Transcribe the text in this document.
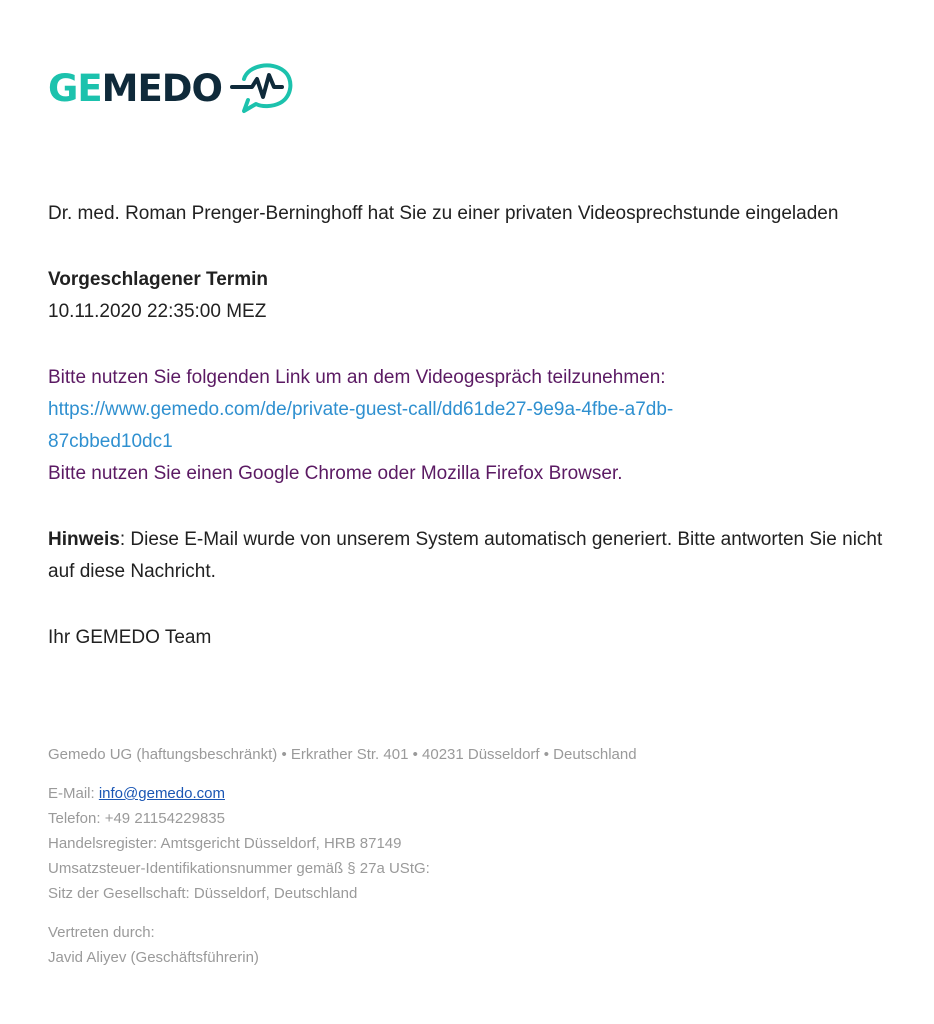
GEMEDO

Dr. med. Roman Prenger-Berninghoff hat Sie zu einer privaten Videosprechstunde eingeladen

Vorgeschlagener Termin

10.11.2020 22:35:00 MEZ

Bitte nutzen Sie folgenden Link um an dem Videogespräch teilzunehmen:

https://www.gemedo.com/de/private-guest-call/dd61de27-9e9a-4fbe-a7db-
87cbbed10dc1

Bitte nutzen Sie einen Google Chrome oder Mozilla Firefox Browser.

Hinweis: Diese E-Mail wurde von unserem System automatisch generiert. Bitte antworten Sie nicht auf diese Nachricht.

Ihr GEMEDO Team

Gemedo UG (haftungsbeschränkt) • Erkrather Str. 401 • 40231 Düsseldorf • Deutschland

E-Mail: info@gemedo.com

Telefon: +49 21154229835

Handelsregister: Amtsgericht Düsseldorf, HRB 87149

Umsatzsteuer-Identifikationsnummer gemäß § 27a UStG:

Sitz der Gesellschaft: Düsseldorf, Deutschland

Vertreten durch:

Javid Aliyev (Geschäftsführerin)
